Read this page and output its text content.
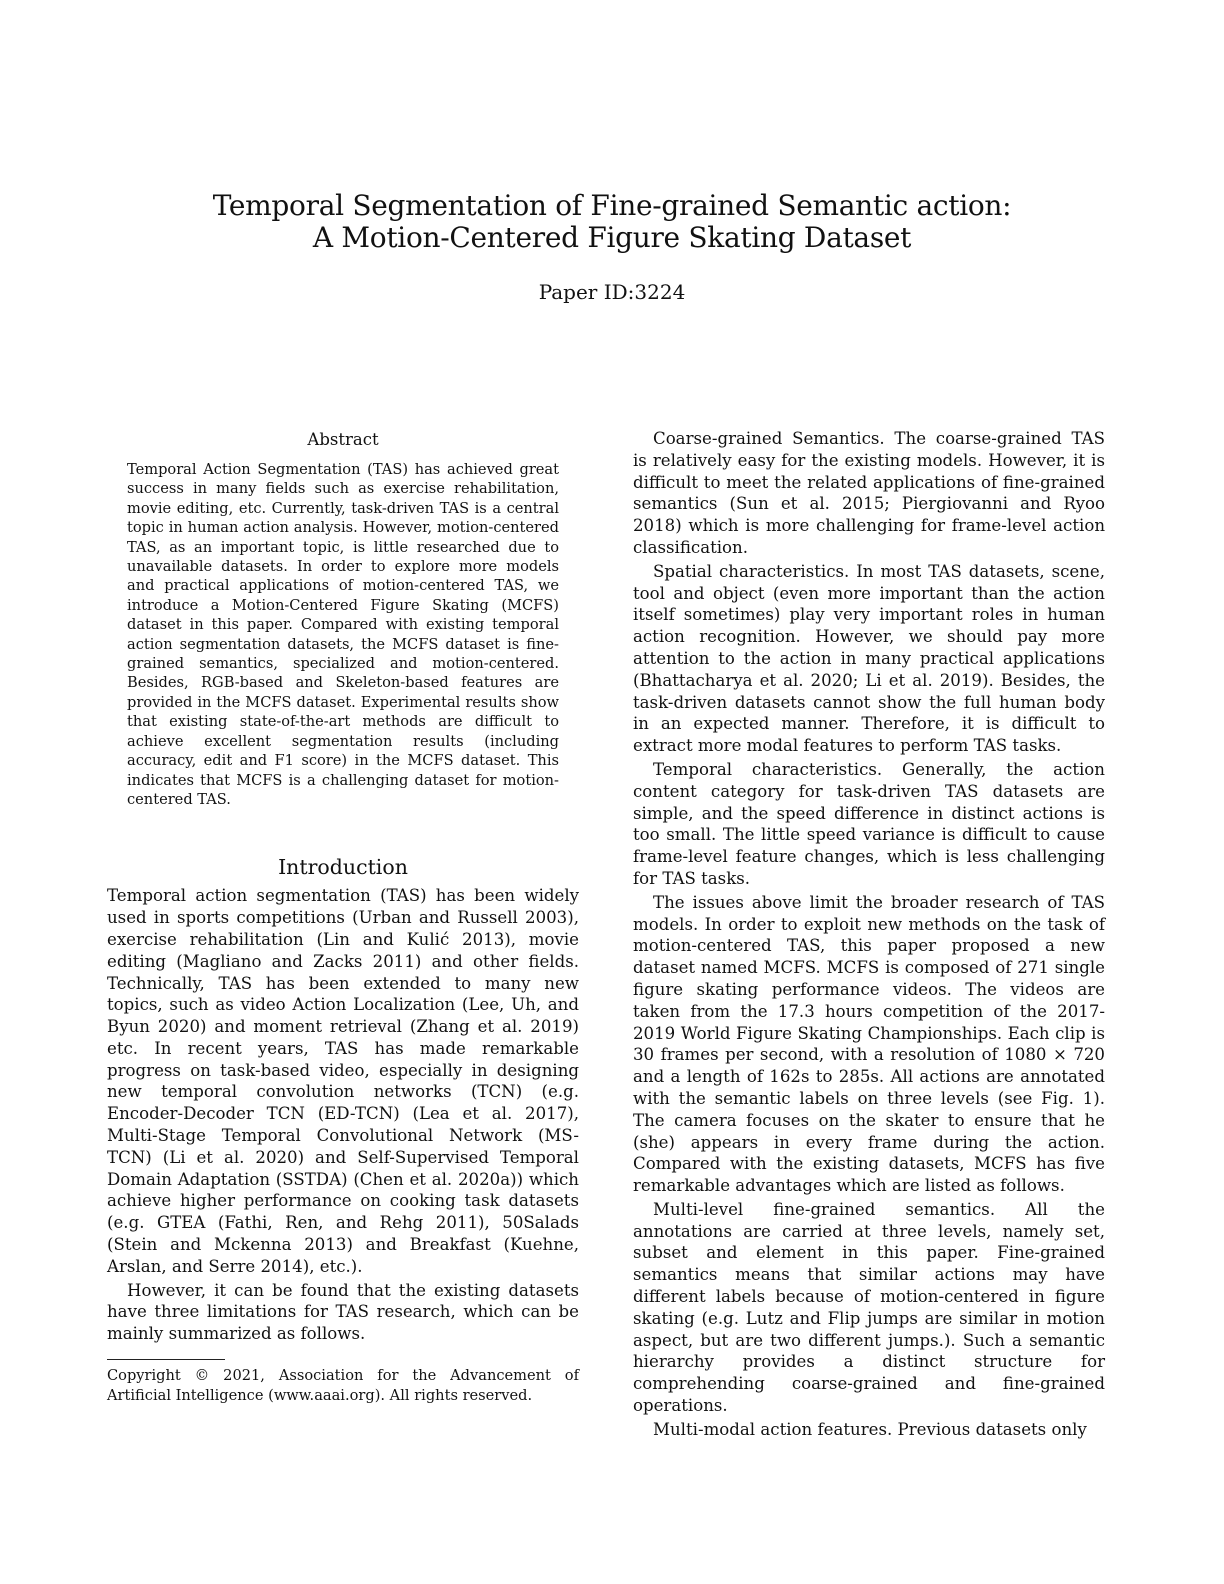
Temporal Segmentation of Fine-grained Semantic action:
A Motion-Centered Figure Skating Dataset
Paper ID:3224
Abstract

Temporal Action Segmentation (TAS) has achieved great success in many fields such as exercise rehabilitation, movie editing, etc. Currently, task-driven TAS is a central topic in human action analysis. However, motion-centered TAS, as an important topic, is little researched due to unavailable datasets. In order to explore more models and practical applications of motion-centered TAS, we introduce a Motion-Centered Figure Skating (MCFS) dataset in this paper. Compared with existing temporal action segmentation datasets, the MCFS dataset is fine-grained semantics, specialized and motion-centered. Besides, RGB-based and Skeleton-based features are provided in the MCFS dataset. Experimental results show that existing state-of-the-art methods are difficult to achieve excellent segmentation results (including accuracy, edit and F1 score) in the MCFS dataset. This indicates that MCFS is a challenging dataset for motion-centered TAS.

Introduction

Temporal action segmentation (TAS) has been widely used in sports competitions (Urban and Russell 2003), exercise rehabilitation (Lin and Kulić 2013), movie editing (Magliano and Zacks 2011) and other fields. Technically, TAS has been extended to many new topics, such as video Action Localization (Lee, Uh, and Byun 2020) and moment retrieval (Zhang et al. 2019) etc. In recent years, TAS has made remarkable progress on task-based video, especially in designing new temporal convolution networks (TCN) (e.g. Encoder-Decoder TCN (ED-TCN) (Lea et al. 2017), Multi-Stage Temporal Convolutional Network (MS-TCN) (Li et al. 2020) and Self-Supervised Temporal Domain Adaptation (SSTDA) (Chen et al. 2020a)) which achieve higher performance on cooking task datasets (e.g. GTEA (Fathi, Ren, and Rehg 2011), 50Salads (Stein and Mckenna 2013) and Breakfast (Kuehne, Arslan, and Serre 2014), etc.).

However, it can be found that the existing datasets have three limitations for TAS research, which can be mainly summarized as follows.

Copyright © 2021, Association for the Advancement of Artificial Intelligence (www.aaai.org). All rights reserved.

Coarse-grained Semantics. The coarse-grained TAS is relatively easy for the existing models. However, it is difficult to meet the related applications of fine-grained semantics (Sun et al. 2015; Piergiovanni and Ryoo 2018) which is more challenging for frame-level action classification.

Spatial characteristics. In most TAS datasets, scene, tool and object (even more important than the action itself sometimes) play very important roles in human action recognition. However, we should pay more attention to the action in many practical applications (Bhattacharya et al. 2020; Li et al. 2019). Besides, the task-driven datasets cannot show the full human body in an expected manner. Therefore, it is difficult to extract more modal features to perform TAS tasks.

Temporal characteristics. Generally, the action content category for task-driven TAS datasets are simple, and the speed difference in distinct actions is too small. The little speed variance is difficult to cause frame-level feature changes, which is less challenging for TAS tasks.

The issues above limit the broader research of TAS models. In order to exploit new methods on the task of motion-centered TAS, this paper proposed a new dataset named MCFS. MCFS is composed of 271 single figure skating performance videos. The videos are taken from the 17.3 hours competition of the 2017-2019 World Figure Skating Championships. Each clip is 30 frames per second, with a resolution of 1080 × 720 and a length of 162s to 285s. All actions are annotated with the semantic labels on three levels (see Fig. 1). The camera focuses on the skater to ensure that he (she) appears in every frame during the action. Compared with the existing datasets, MCFS has five remarkable advantages which are listed as follows.

Multi-level fine-grained semantics. All the annotations are carried at three levels, namely set, subset and element in this paper. Fine-grained semantics means that similar actions may have different labels because of motion-centered in figure skating (e.g. Lutz and Flip jumps are similar in motion aspect, but are two different jumps.). Such a semantic hierarchy provides a distinct structure for comprehending coarse-grained and fine-grained operations.

Multi-modal action features. Previous datasets only
